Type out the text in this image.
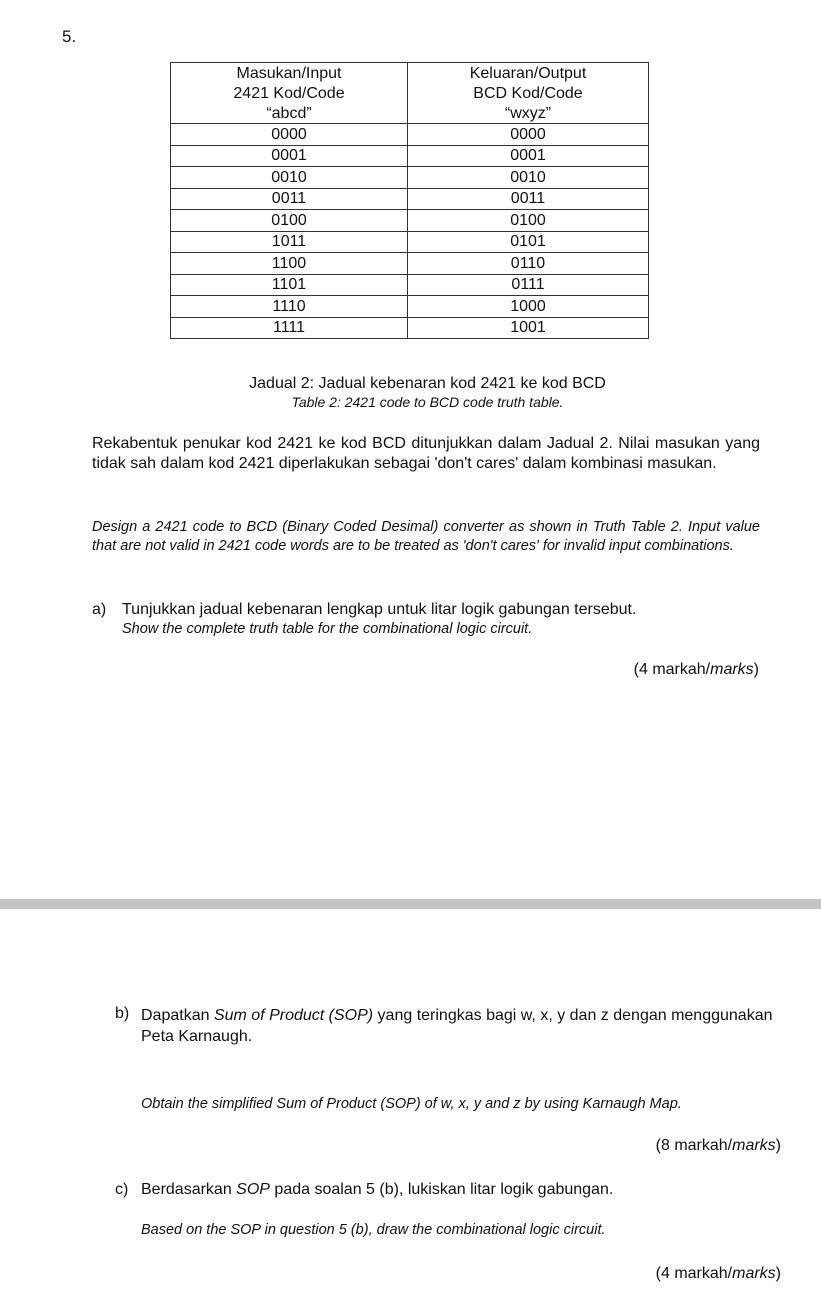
5.
Masukan/Input	Keluaran/Output
2421 Kod/Code	BCD Kod/Code
“abcd”	“wxyz”
0000	0000
0001	0001
0010	0010
0011	0011
0100	0100
1011	0101
1100	0110
1101	0111
1110	1000
1111	1001
Jadual 2: Jadual kebenaran kod 2421 ke kod BCD
Table 2: 2421 code to BCD code truth table.
Rekabentuk penukar kod 2421 ke kod BCD ditunjukkan dalam Jadual 2. Nilai masukan yang tidak sah dalam kod 2421 diperlakukan sebagai 'don't cares' dalam kombinasi masukan.
Design a 2421 code to BCD (Binary Coded Desimal) converter as shown in Truth Table 2. Input value that are not valid in 2421 code words are to be treated as 'don't cares' for invalid input combinations.
a) Tunjukkan jadual kebenaran lengkap untuk litar logik gabungan tersebut.
Show the complete truth table for the combinational logic circuit.
(4 markah/marks)
b) Dapatkan Sum of Product (SOP) yang teringkas bagi w, x, y dan z dengan menggunakan Peta Karnaugh.
Obtain the simplified Sum of Product (SOP) of w, x, y and z by using Karnaugh Map.
(8 markah/marks)
c) Berdasarkan SOP pada soalan 5 (b), lukiskan litar logik gabungan.
Based on the SOP in question 5 (b), draw the combinational logic circuit.
(4 markah/marks)
